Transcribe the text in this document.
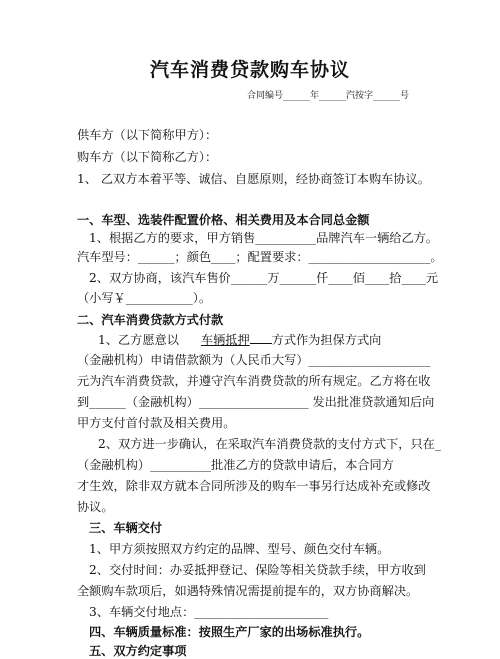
汽车消费贷款购车协议
合同编号______年______汽按字______号
供车方（以下简称甲方）：
购车方（以下简称乙方）：
1、 乙双方本着平等、诚信、自愿原则，经协商签订本购车协议。
一、车型、选装件配置价格、相关费用及本合同总金额
1、根据乙方的要求，甲方销售__________品牌汽车一辆给乙方。
汽车型号：______；颜色____；配置要求：____________________。
2、双方协商，该汽车售价______万______仟____佰____拾____元
（小写￥___________）。
二、汽车消费贷款方式付款
1、乙方愿意以 车辆抵押 方式作为担保方式向
（金融机构）申请借款额为（人民币大写）____________________
元为汽车消费贷款，并遵守汽车消费贷款的所有规定。乙方将在收
到______（金融机构）__________________ 发出批准贷款通知后向
甲方支付首付款及相关费用。
2、双方进一步确认，在采取汽车消费贷款的支付方式下，只在_
（金融机构）__________批准乙方的贷款申请后，本合同方
才生效，除非双方就本合同所涉及的购车一事另行达成补充或修改
协议。
三、车辆交付
1、甲方须按照双方约定的品牌、型号、颜色交付车辆。
2、交付时间：办妥抵押登记、保险等相关贷款手续，甲方收到
全额购车款项后，如遇特殊情况需提前提车的，双方协商解决。
3、车辆交付地点：______________________
四、车辆质量标准：按照生产厂家的出场标准执行。
五、双方约定事项
